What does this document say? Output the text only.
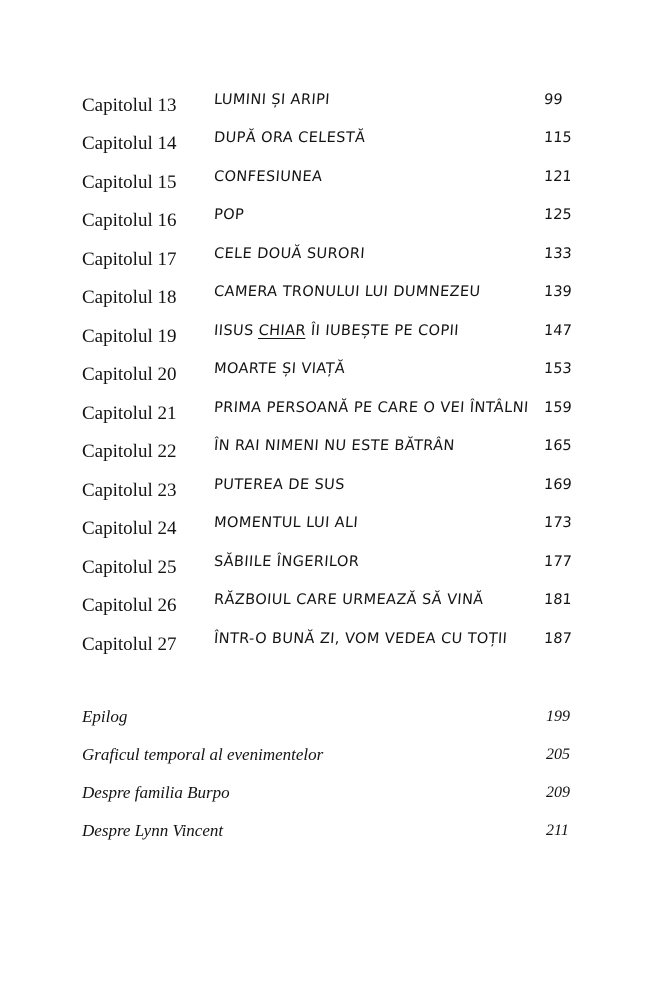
Capitolul 13	LUMINI ȘI ARIPI	99
Capitolul 14	DUPĂ ORA CELESTĂ	115
Capitolul 15	CONFESIUNEA	121
Capitolul 16	POP	125
Capitolul 17	CELE DOUĂ SURORI	133
Capitolul 18	CAMERA TRONULUI LUI DUMNEZEU	139
Capitolul 19	IISUS CHIAR ÎI IUBEȘTE PE COPII	147
Capitolul 20	MOARTE ȘI VIAȚĂ	153
Capitolul 21	PRIMA PERSOANĂ PE CARE O VEI ÎNTÂLNI 159
Capitolul 22	ÎN RAI NIMENI NU ESTE BĂTRÂN	165
Capitolul 23	PUTEREA DE SUS	169
Capitolul 24	MOMENTUL LUI ALI	173
Capitolul 25	SĂBIILE ÎNGERILOR	177
Capitolul 26	RĂZBOIUL CARE URMEAZĂ SĂ VINĂ	181
Capitolul 27	ÎNTR-O BUNĂ ZI, VOM VEDEA CU TOȚII 187
Epilog	199
Graficul temporal al evenimentelor	205
Despre familia Burpo	209
Despre Lynn Vincent	211
